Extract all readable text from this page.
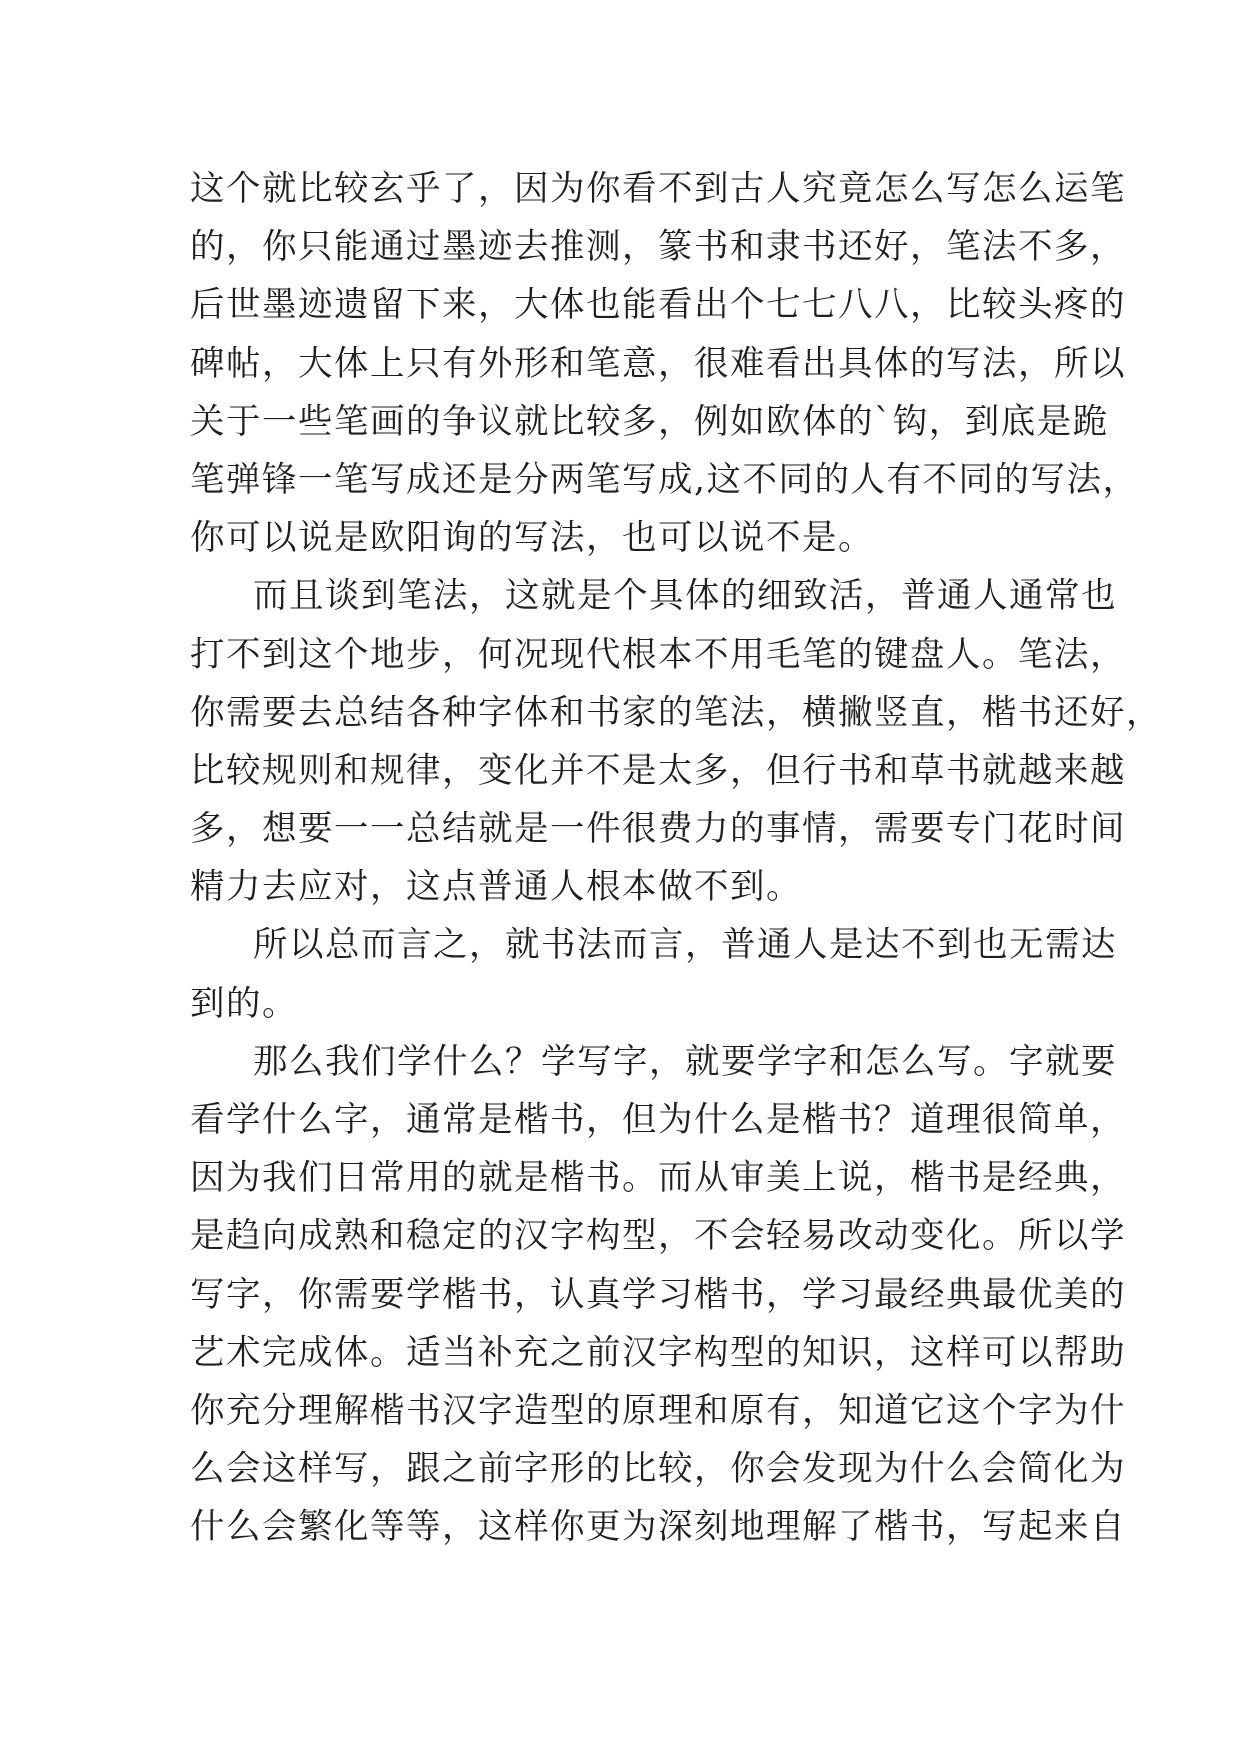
这个就比较玄乎了，因为你看不到古人究竟怎么写怎么运笔
的，你只能通过墨迹去推测，篆书和隶书还好，笔法不多，
后世墨迹遗留下来，大体也能看出个七七八八，比较头疼的
碑帖，大体上只有外形和笔意，很难看出具体的写法，所以
关于一些笔画的争议就比较多，例如欧体的`钩，到底是跪
笔弹锋一笔写成还是分两笔写成,这不同的人有不同的写法，
你可以说是欧阳询的写法，也可以说不是。
而且谈到笔法，这就是个具体的细致活，普通人通常也
打不到这个地步，何况现代根本不用毛笔的键盘人。笔法，
你需要去总结各种字体和书家的笔法，横撇竖直，楷书还好，
比较规则和规律，变化并不是太多，但行书和草书就越来越
多，想要一一总结就是一件很费力的事情，需要专门花时间
精力去应对，这点普通人根本做不到。
所以总而言之，就书法而言，普通人是达不到也无需达
到的。
那么我们学什么？学写字，就要学字和怎么写。字就要
看学什么字，通常是楷书，但为什么是楷书？道理很简单，
因为我们日常用的就是楷书。而从审美上说，楷书是经典，
是趋向成熟和稳定的汉字构型，不会轻易改动变化。所以学
写字，你需要学楷书，认真学习楷书，学习最经典最优美的
艺术完成体。适当补充之前汉字构型的知识，这样可以帮助
你充分理解楷书汉字造型的原理和原有，知道它这个字为什
么会这样写，跟之前字形的比较，你会发现为什么会简化为
什么会繁化等等，这样你更为深刻地理解了楷书，写起来自
